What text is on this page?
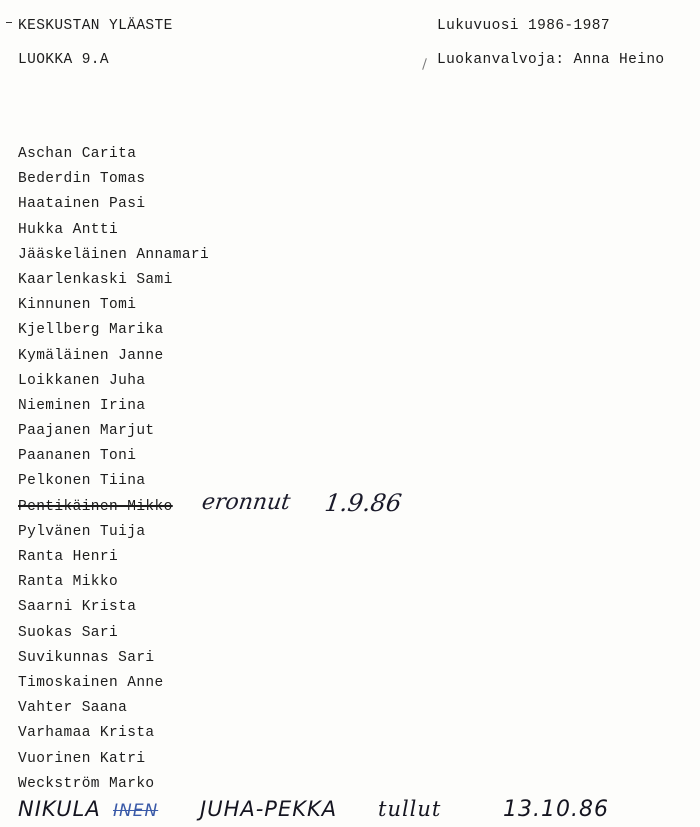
KESKUSTAN YLÄASTE
LUOKKA 9.A
Lukuvuosi 1986-1987
Luokanvalvoja: Anna Heino
Aschan Carita
Bederdin Tomas
Haatainen Pasi
Hukka Antti
Jääskeläinen Annamari
Kaarlenkaski Sami
Kinnunen Tomi
Kjellberg Marika
Kymäläinen Janne
Loikkanen Juha
Nieminen Irina
Paajanen Marjut
Paananen Toni
Pelkonen Tiina
Pentikäinen Mikko
Pylvänen Tuija
Ranta Henri
Ranta Mikko
Saarni Krista
Suokas Sari
Suvikunnas Sari
Timoskainen Anne
Vahter Saana
Varhamaa Krista
Vuorinen Katri
Weckström Marko
eronnut 1.9.86
NIKULA INEN JUHA-PEKKA tullut	13.10.86
